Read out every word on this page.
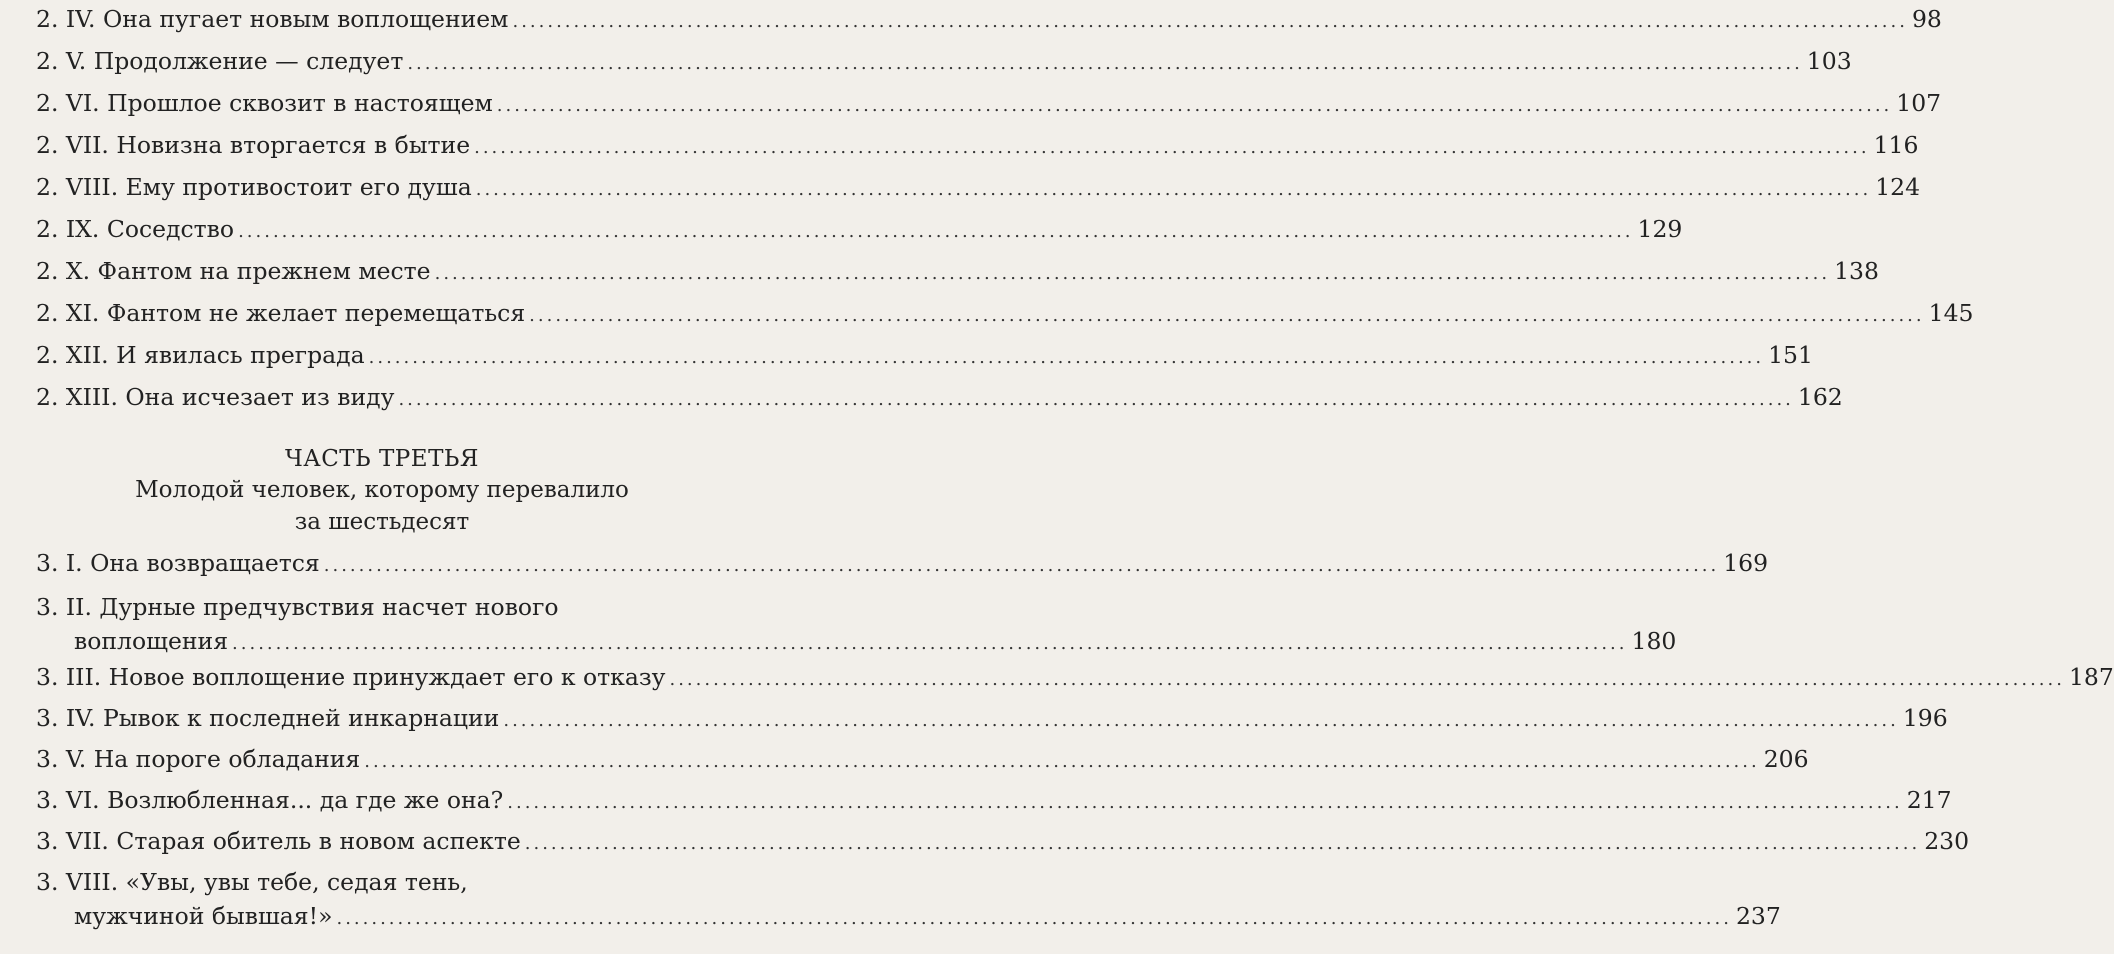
2. IV. Она пугает новым воплощением ................................................................................................................................................................ 98
2. V. Продолжение — следует ................................................................................................................................................................ 103
2. VI. Прошлое сквозит в настоящем ................................................................................................................................................................ 107
2. VII. Новизна вторгается в бытие ................................................................................................................................................................ 116
2. VIII. Ему противостоит его душа ................................................................................................................................................................ 124
2. IX. Соседство ................................................................................................................................................................ 129
2. X. Фантом на прежнем месте ................................................................................................................................................................ 138
2. XI. Фантом не желает перемещаться ................................................................................................................................................................ 145
2. XII. И явилась преграда ................................................................................................................................................................ 151
2. XIII. Она исчезает из виду ................................................................................................................................................................ 162
ЧАСТЬ ТРЕТЬЯ
Молодой человек, которому перевалило
за шестьдесят
3. I. Она возвращается ................................................................................................................................................................ 169
3. II. Дурные предчувствия насчет нового
воплощения ................................................................................................................................................................ 180
3. III. Новое воплощение принуждает его к отказу ................................................................................................................................................................ 187
3. IV. Рывок к последней инкарнации ................................................................................................................................................................ 196
3. V. На пороге обладания ................................................................................................................................................................ 206
3. VI. Возлюбленная... да где же она? ................................................................................................................................................................ 217
3. VII. Старая обитель в новом аспекте ................................................................................................................................................................ 230
3. VIII. «Увы, увы тебе, седая тень,
мужчиной бывшая!» ................................................................................................................................................................ 237
